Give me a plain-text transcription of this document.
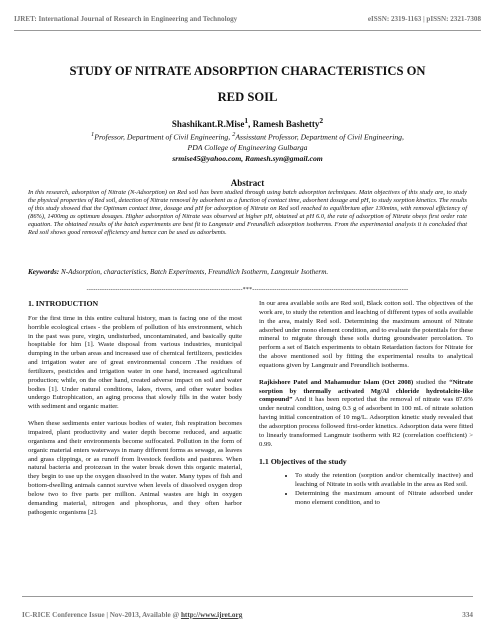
IJRET: International Journal of Research in Engineering and Technology	eISSN: 2319-1163 | pISSN: 2321-7308
STUDY OF NITRATE ADSORPTION CHARACTERISTICS ON
RED SOIL
Shashikant.R.Mise$^1$, Ramesh Bashetty$^2$
$^1$Professor, Department of Civil Engineering, $^2$Assisstant Professor, Department of Civil Engineering,
PDA College of Engineering Gulbarga
srmise45@yahoo.com, Ramesh.syn@gmail.com
Abstract
In this research, adsorption of Nitrate (N-Adsorption) on Red soil has been studied through using batch adsorption techniques. Main objectives of this study are, to study the physical properties of Red soil, detection of Nitrate removal by adsorbent as a function of contact time, adsorbent dosage and pH, to study sorption kinetics. The results of this study showed that the Optimum contact time, dosage and pH for adsorption of Nitrate on Red soil reached to equilibrium after 130mins, with removal efficiency of (86%), 1400mg as optimum dosages. Higher adsorption of Nitrate was observed at higher pH, obtained at pH 6.0, the rate of adsorption of Nitrate obeys first order rate equation. The obtained results of the batch experiments are best fit to Langmuir and Freundlich adsorption isotherms. From the experimental analysis it is concluded that Red soil shows good removal efficiency and hence can be used as adsorbents.
Keywords: N-Adsorption, characteristics, Batch Experiments, Freundlich Isotherm, Langmuir Isotherm.
-----------------------------------------------------------------------***-----------------------------------------------------------------------
1. INTRODUCTION

For the first time in this entire cultural history, man is facing one of the most horrible ecological crises - the problem of pollution of his environment, which in the past was pure, virgin, undisturbed, uncontaminated, and basically quite hospitable for him [1]. Waste disposal from various industries, municipal dumping in the urban areas and increased use of chemical fertilizers, pesticides and irrigation water are of great environmental concern .The residues of fertilizers, pesticides and irrigation water in one hand, increased agricultural production; while, on the other hand, created adverse impact on soil and water bodies [1]. Under natural conditions, lakes, rivers, and other water bodies undergo Eutrophication, an aging process that slowly fills in the water body with sediment and organic matter.

When these sediments enter various bodies of water, fish respiration becomes impaired, plant productivity and water depth become reduced, and aquatic organisms and their environments become suffocated. Pollution in the form of organic material enters waterways in many different forms as sewage, as leaves and grass clippings, or as runoff from livestock feedlots and pastures. When natural bacteria and protozoan in the water break down this organic material, they begin to use up the oxygen dissolved in the water. Many types of fish and bottom-dwelling animals cannot survive when levels of dissolved oxygen drop below two to five parts per million. Animal wastes are high in oxygen demanding material, nitrogen and phosphorus, and they often harbor pathogenic organisms [2].

In our area available soils are Red soil, Black cotton soil. The objectives of the work are, to study the retention and leaching of different types of soils available in the area, mainly Red soil. Determining the maximum amount of Nitrate adsorbed under mono element condition, and to evaluate the potentials for these mineral to migrate through these soils during groundwater percolation. To perform a set of Batch experiments to obtain Retardation factors for Nitrate for the above mentioned soil by fitting the experimental results to analytical equations given by Langmuir and Freundlich isotherms.

Rajkishore Patel and Mahamudur Islam (Oct 2008) studied the “Nitrate sorption by thermally activated Mg/Al chloride hydrotalcite-like compound” And it has been reported that the removal of nitrate was 87.6% under neutral condition, using 0.3 g of adsorbent in 100 mL of nitrate solution having initial concentration of 10 mg/L. Adsorption kinetic study revealed that the adsorption process followed first-order kinetics. Adsorption data were fitted to linearly transformed Langmuir isotherm with R2 (correlation coefficient) > 0.99.

1.1 Objectives of the study
• To study the retention (sorption and/or chemically inactive) and leaching of Nitrate in soils with available in the area as Red soil.
• Determining the maximum amount of Nitrate adsorbed under mono element condition, and to
IC-RICE Conference Issue | Nov-2013, Available @ http://www.ijret.org	334
